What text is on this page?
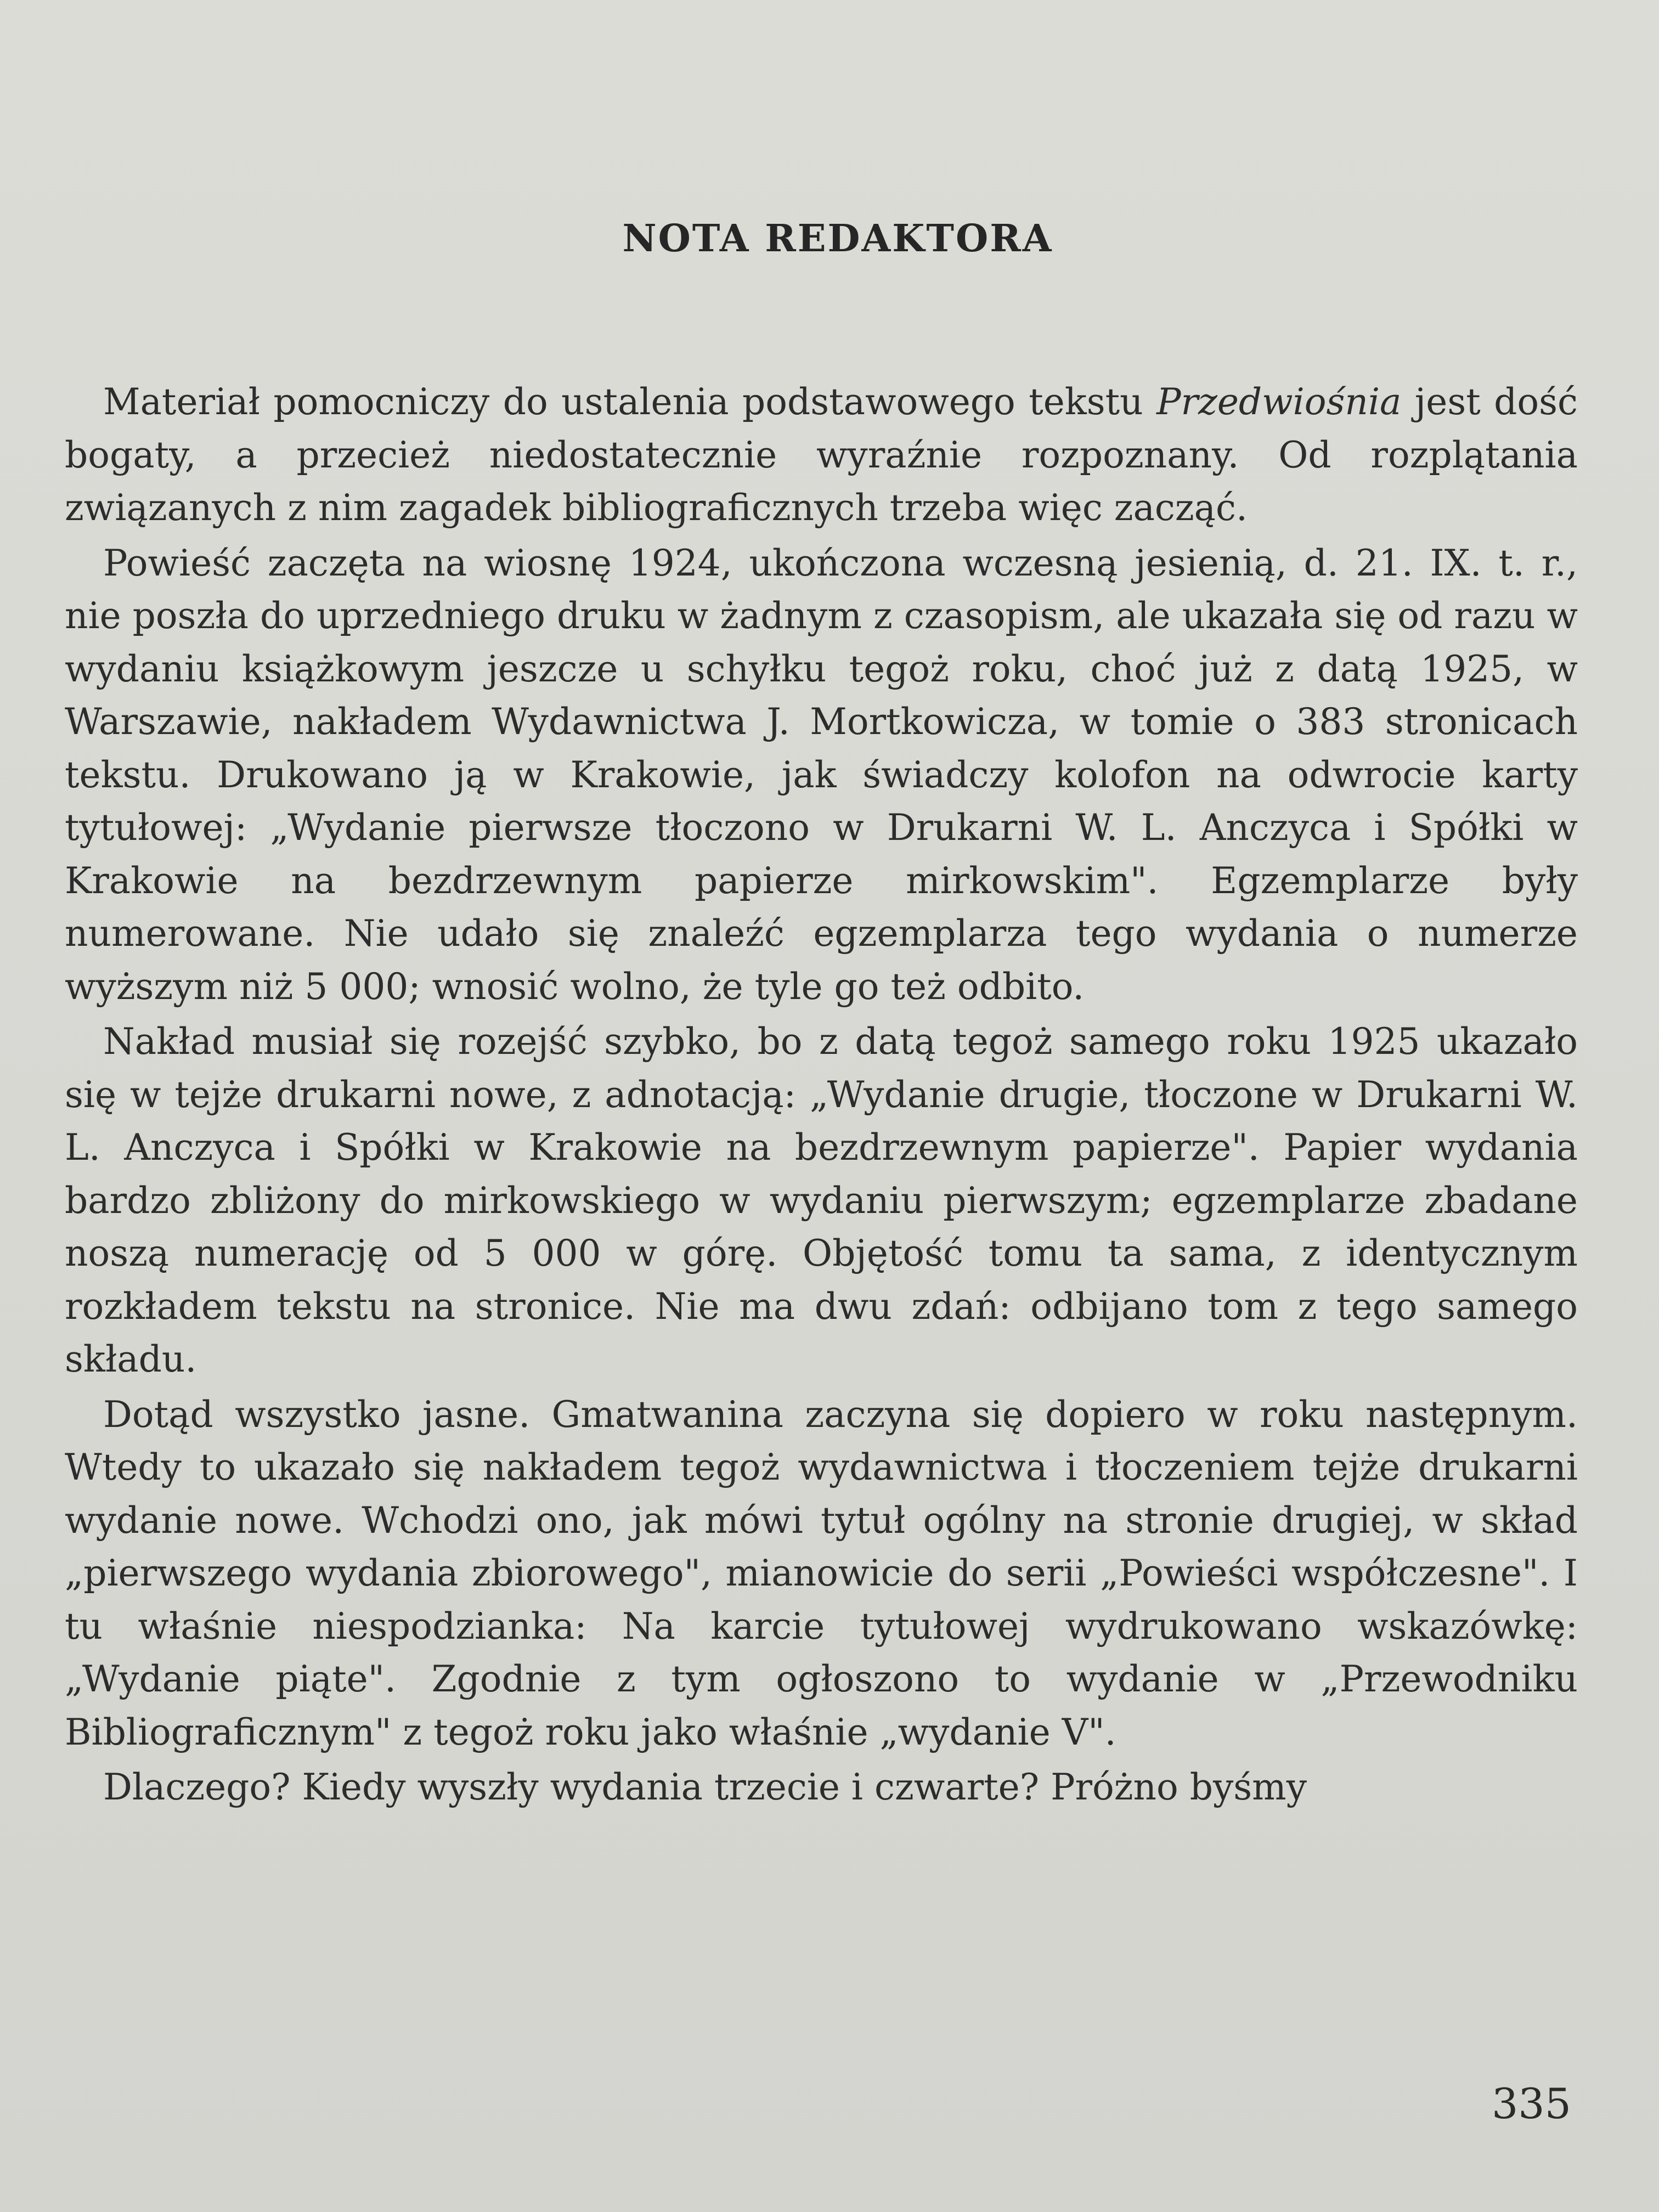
NOTA REDAKTORA

Materiał pomocniczy do ustalenia podstawowego tekstu Przedwiośnia jest dość bogaty, a przecież niedostatecznie wyraźnie rozpoznany. Od rozplątania związanych z nim zagadek bibliograficznych trzeba więc zacząć.

Powieść zaczęta na wiosnę 1924, ukończona wczesną jesienią, d. 21. IX. t. r., nie poszła do uprzedniego druku w żadnym z czasopism, ale ukazała się od razu w wydaniu książkowym jeszcze u schyłku tegoż roku, choć już z datą 1925, w Warszawie, nakładem Wydawnictwa J. Mortkowicza, w tomie o 383 stronicach tekstu. Drukowano ją w Krakowie, jak świadczy kolofon na odwrocie karty tytułowej: „Wydanie pierwsze tłoczono w Drukarni W. L. Anczyca i Spółki w Krakowie na bezdrzewnym papierze mirkowskim". Egzemplarze były numerowane. Nie udało się znaleźć egzemplarza tego wydania o numerze wyższym niż 5 000; wnosić wolno, że tyle go też odbito.

Nakład musiał się rozejść szybko, bo z datą tegoż samego roku 1925 ukazało się w tejże drukarni nowe, z adnotacją: „Wydanie drugie, tłoczone w Drukarni W. L. Anczyca i Spółki w Krakowie na bezdrzewnym papierze". Papier wydania bardzo zbliżony do mirkowskiego w wydaniu pierwszym; egzemplarze zbadane noszą numerację od 5 000 w górę. Objętość tomu ta sama, z identycznym rozkładem tekstu na stronice. Nie ma dwu zdań: odbijano tom z tego samego składu.

Dotąd wszystko jasne. Gmatwanina zaczyna się dopiero w roku następnym. Wtedy to ukazało się nakładem tegoż wydawnictwa i tłoczeniem tejże drukarni wydanie nowe. Wchodzi ono, jak mówi tytuł ogólny na stronie drugiej, w skład „pierwszego wydania zbiorowego", mianowicie do serii „Powieści współczesne". I tu właśnie niespodzianka: Na karcie tytułowej wydrukowano wskazówkę: „Wydanie piąte". Zgodnie z tym ogłoszono to wydanie w „Przewodniku Bibliograficznym" z tegoż roku jako właśnie „wydanie V".

Dlaczego? Kiedy wyszły wydania trzecie i czwarte? Próżno byśmy

335
